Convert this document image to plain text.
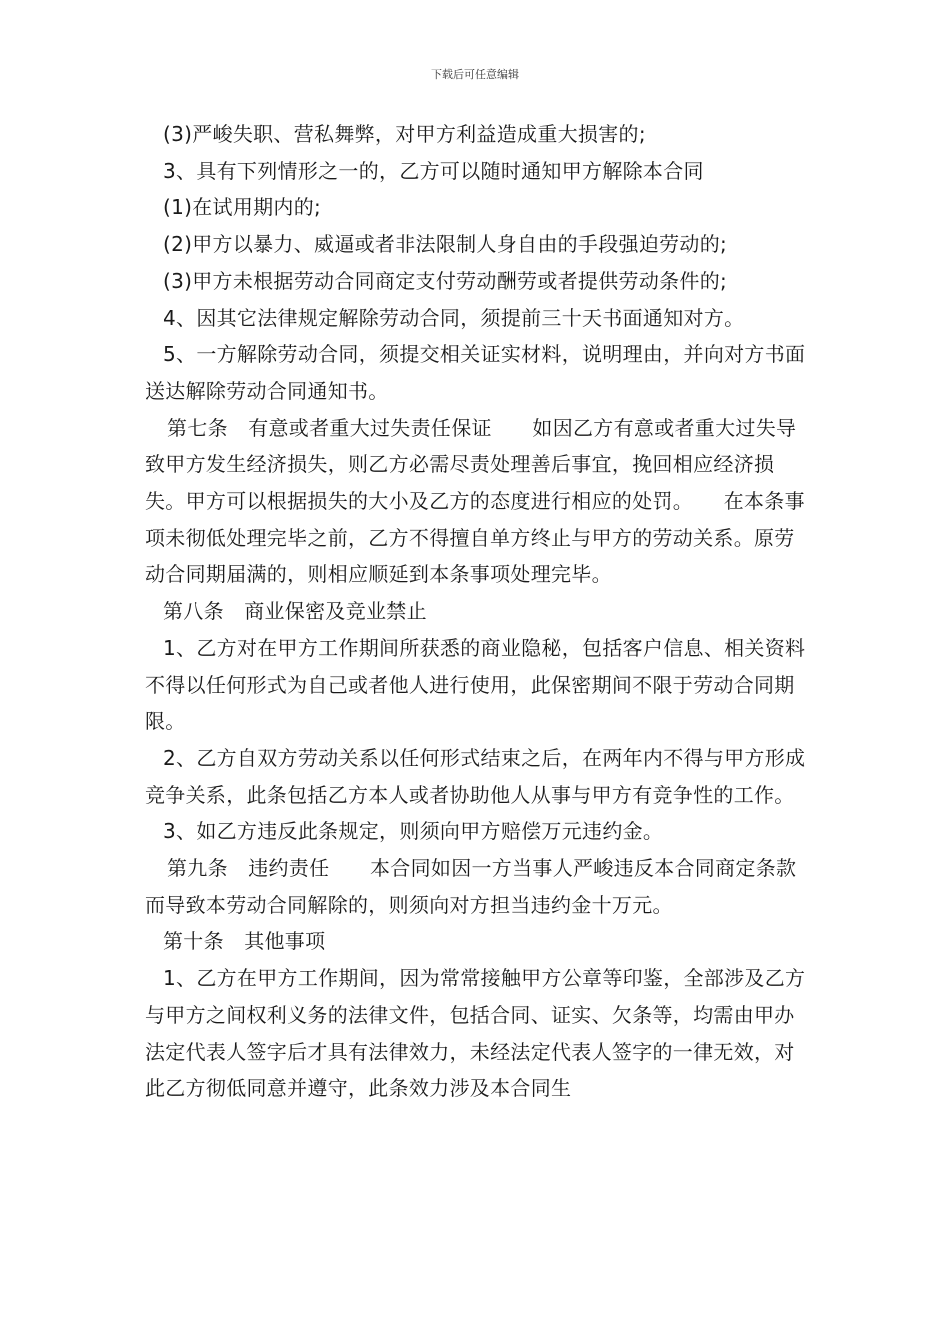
下载后可任意编辑

(3)严峻失职、营私舞弊，对甲方利益造成重大损害的;

3、具有下列情形之一的，乙方可以随时通知甲方解除本合同

(1)在试用期内的;

(2)甲方以暴力、威逼或者非法限制人身自由的手段强迫劳动的;

(3)甲方未根据劳动合同商定支付劳动酬劳或者提供劳动条件的;

4、因其它法律规定解除劳动合同，须提前三十天书面通知对方。

5、一方解除劳动合同，须提交相关证实材料，说明理由，并向对方书面送达解除劳动合同通知书。

第七条　有意或者重大过失责任保证　　如因乙方有意或者重大过失导致甲方发生经济损失，则乙方必需尽责处理善后事宜，挽回相应经济损失。甲方可以根据损失的大小及乙方的态度进行相应的处罚。　　在本条事项未彻低处理完毕之前，乙方不得擅自单方终止与甲方的劳动关系。原劳动合同期届满的，则相应顺延到本条事项处理完毕。

第八条　商业保密及竞业禁止

1、乙方对在甲方工作期间所获悉的商业隐秘，包括客户信息、相关资料不得以任何形式为自己或者他人进行使用，此保密期间不限于劳动合同期限。

2、乙方自双方劳动关系以任何形式结束之后，在两年内不得与甲方形成竞争关系，此条包括乙方本人或者协助他人从事与甲方有竞争性的工作。

3、如乙方违反此条规定，则须向甲方赔偿万元违约金。

第九条　违约责任　　本合同如因一方当事人严峻违反本合同商定条款而导致本劳动合同解除的，则须向对方担当违约金十万元。

第十条　其他事项

1、乙方在甲方工作期间，因为常常接触甲方公章等印鉴，全部涉及乙方与甲方之间权利义务的法律文件，包括合同、证实、欠条等，均需由甲办法定代表人签字后才具有法律效力，未经法定代表人签字的一律无效，对此乙方彻低同意并遵守，此条效力涉及本合同生
